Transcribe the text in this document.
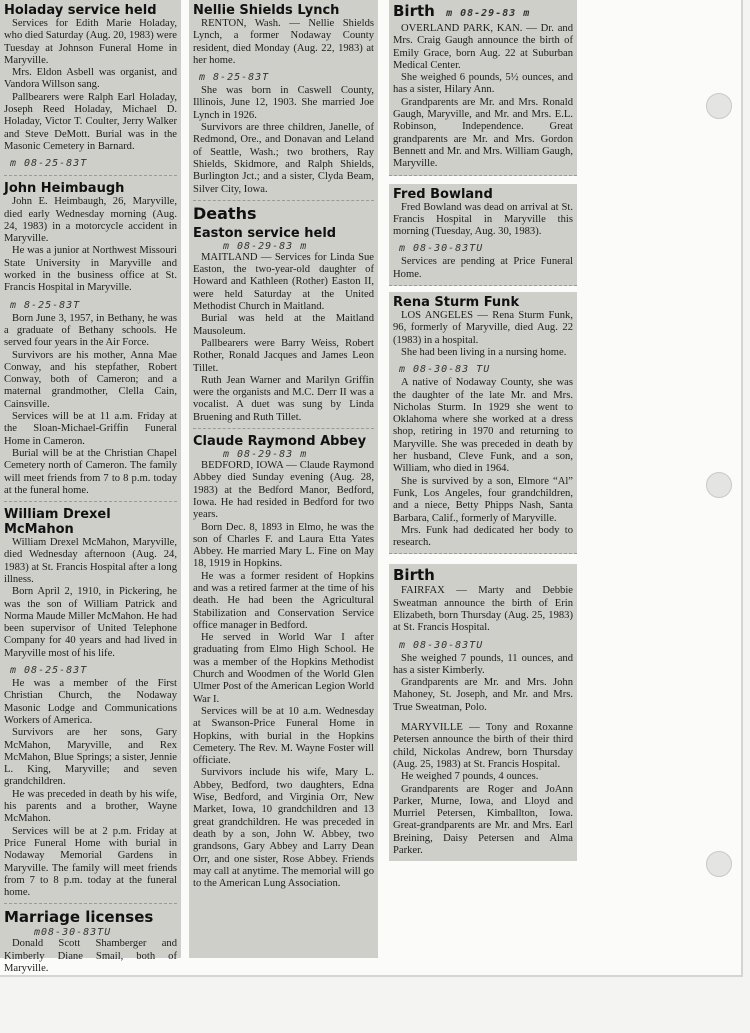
Holaday service held

Services for Edith Marie Holaday, who died Saturday (Aug. 20, 1983) were Tuesday at Johnson Funeral Home in Maryville.

Mrs. Eldon Asbell was organist, and Vandora Willson sang.

Pallbearers were Ralph Earl Holaday, Joseph Reed Holaday, Michael D. Holaday, Victor T. Coulter, Jerry Walker and Steve DeMott. Burial was in the Masonic Cemetery in Barnard.

m 08-25-83T
John Heimbaugh

John E. Heimbaugh, 26, Maryville, died early Wednesday morning (Aug. 24, 1983) in a motorcycle accident in Maryville.

He was a junior at Northwest Missouri State University in Maryville and worked in the business office at St. Francis Hospital in Maryville.

m 8-25-83T

Born June 3, 1957, in Bethany, he was a graduate of Bethany schools. He served four years in the Air Force.

Survivors are his mother, Anna Mae Conway, and his stepfather, Robert Conway, both of Cameron; and a maternal grandmother, Clella Cain, Cainsville.

Services will be at 11 a.m. Friday at the Sloan-Michael-Griffin Funeral Home in Cameron.

Burial will be at the Christian Chapel Cemetery north of Cameron. The family will meet friends from 7 to 8 p.m. today at the funeral home.

William Drexel McMahon

William Drexel McMahon, Maryville, died Wednesday afternoon (Aug. 24, 1983) at St. Francis Hospital after a long illness.

Born April 2, 1910, in Pickering, he was the son of William Patrick and Norma Maude Miller McMahon. He had been supervisor of United Telephone Company for 40 years and had lived in Maryville most of his life.

m 08-25-83T

He was a member of the First Christian Church, the Nodaway Masonic Lodge and Communications Workers of America.

Survivors are her sons, Gary McMahon, Maryville, and Rex McMahon, Blue Springs; a sister, Jennie L. King, Maryville; and seven grandchildren.

He was preceded in death by his wife, his parents and a brother, Wayne McMahon.

Services will be at 2 p.m. Friday at Price Funeral Home with burial in Nodaway Memorial Gardens in Maryville. The family will meet friends from 7 to 8 p.m. today at the funeral home.

Marriage licenses
m08-30-83TU

Donald Scott Shamberger and Kimberly Diane Smail, both of Maryville.

Nellie Shields Lynch

RENTON, Wash. — Nellie Shields Lynch, a former Nodaway County resident, died Monday (Aug. 22, 1983) at her home.

m 8-25-83T

She was born in Caswell County, Illinois, June 12, 1903. She married Joe Lynch in 1926.

Survivors are three children, Janelle, of Redmond, Ore., and Donavan and Leland of Seattle, Wash.; two brothers, Ray Shields, Skidmore, and Ralph Shields, Burlington Jct.; and a sister, Clyda Beam, Silver City, Iowa.

Deaths
Easton service held
m 08-29-83 m

MAITLAND — Services for Linda Sue Easton, the two-year-old daughter of Howard and Kathleen (Rother) Easton II, were held Saturday at the United Methodist Church in Maitland.

Burial was held at the Maitland Mausoleum.

Pallbearers were Barry Weiss, Robert Rother, Ronald Jacques and James Leon Tillet.

Ruth Jean Warner and Marilyn Griffin were the organists and M.C. Derr II was a vocalist. A duet was sung by Linda Bruening and Ruth Tillet.

Claude Raymond Abbey
m 08-29-83 m

BEDFORD, IOWA — Claude Raymond Abbey died Sunday evening (Aug. 28, 1983) at the Bedford Manor, Bedford, Iowa. He had resided in Bedford for two years.

Born Dec. 8, 1893 in Elmo, he was the son of Charles F. and Laura Etta Yates Abbey. He married Mary L. Fine on May 18, 1919 in Hopkins.

He was a former resident of Hopkins and was a retired farmer at the time of his death. He had been the Agricultural Stabilization and Conservation Service office manager in Bedford.

He served in World War I after graduating from Elmo High School. He was a member of the Hopkins Methodist Church and Woodmen of the World Glen Ulmer Post of the American Legion World War I.

Services will be at 10 a.m. Wednesday at Swanson-Price Funeral Home in Hopkins, with burial in the Hopkins Cemetery. The Rev. M. Wayne Foster will officiate.

Survivors include his wife, Mary L. Abbey, Bedford, two daughters, Edna Wise, Bedford, and Virginia Orr, New Market, Iowa, 10 grandchildren and 13 great grandchildren. He was preceded in death by a son, John W. Abbey, two grandsons, Gary Abbey and Larry Dean Orr, and one sister, Rose Abbey. Friends may call at anytime. The memorial will go to the American Lung Association.

Birth m 08-29-83 m

OVERLAND PARK, KAN. — Dr. and Mrs. Craig Gaugh announce the birth of Emily Grace, born Aug. 22 at Suburban Medical Center.

She weighed 6 pounds, 5½ ounces, and has a sister, Hilary Ann.

Grandparents are Mr. and Mrs. Ronald Gaugh, Maryville, and Mr. and Mrs. E.L. Robinson, Independence. Great grandparents are Mr. and Mrs. Gordon Bennett and Mr. and Mrs. William Gaugh, Maryville.

Fred Bowland

Fred Bowland was dead on arrival at St. Francis Hospital in Maryville this morning (Tuesday, Aug. 30, 1983).

m 08-30-83TU

Services are pending at Price Funeral Home.

Rena Sturm Funk

LOS ANGELES — Rena Sturm Funk, 96, formerly of Maryville, died Aug. 22 (1983) in a hospital.

She had been living in a nursing home.

m 08-30-83 TU

A native of Nodaway County, she was the daughter of the late Mr. and Mrs. Nicholas Sturm. In 1929 she went to Oklahoma where she worked at a dress shop, retiring in 1970 and returning to Maryville. She was preceded in death by her husband, Cleve Funk, and a son, William, who died in 1964.

She is survived by a son, Elmore “Al” Funk, Los Angeles, four grandchildren, and a niece, Betty Phipps Nash, Santa Barbara, Calif., formerly of Maryville.

Mrs. Funk had dedicated her body to research.

Birth

FAIRFAX — Marty and Debbie Sweatman announce the birth of Erin Elizabeth, born Thursday (Aug. 25, 1983) at St. Francis Hospital.

m 08-30-83TU

She weighed 7 pounds, 11 ounces, and has a sister Kimberly.

Grandparents are Mr. and Mrs. John Mahoney, St. Joseph, and Mr. and Mrs. True Sweatman, Polo.

MARYVILLE — Tony and Roxanne Petersen announce the birth of their third child, Nickolas Andrew, born Thursday (Aug. 25, 1983) at St. Francis Hospital.

He weighed 7 pounds, 4 ounces.

Grandparents are Roger and JoAnn Parker, Murne, Iowa, and Lloyd and Murriel Petersen, Kimballton, Iowa. Great-grandparents are Mr. and Mrs. Earl Breining, Daisy Petersen and Alma Parker.
